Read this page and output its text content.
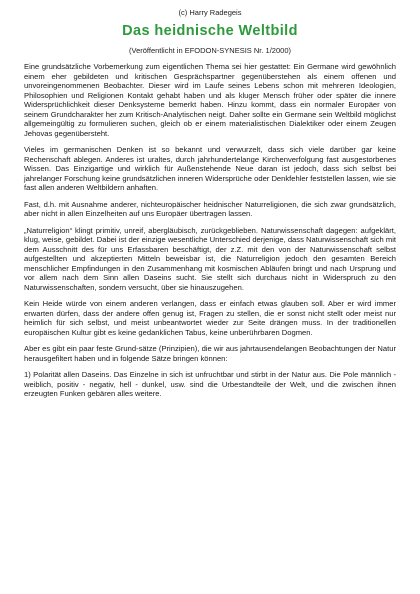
(c) Harry Radegeis
Das heidnische Weltbild
(Veröffentlicht in EFODON-SYNESIS Nr. 1/2000)

Eine grundsätzliche Vorbemerkung zum eigentlichen Thema sei hier gestattet: Ein Germane wird gewöhnlich einem eher gebildeten und kritischen Gesprächspartner gegenüberstehen als einem offenen und unvoreingenommenen Beobachter. Dieser wird im Laufe seines Lebens schon mit mehreren Ideologien, Philosophien und Religionen Kontakt gehabt haben und als kluger Mensch früher oder später die innere Widersprüchlichkeit dieser Denksysteme bemerkt haben. Hinzu kommt, dass ein normaler Europäer von seinem Grundcharakter her zum Kritisch-Analytischen neigt. Daher sollte ein Germane sein Weltbild möglichst allgemeingültig zu formulieren suchen, gleich ob er einem materialistischen Dialektiker oder einem Zeugen Jehovas gegenübersteht.

Vieles im germanischen Denken ist so bekannt und verwurzelt, dass sich viele darüber gar keine Rechenschaft ablegen. Anderes ist uraltes, durch jahrhundertelange Kirchenverfolgung fast ausgestorbenes Wissen. Das Einzigartige und wirklich für Außenstehende Neue daran ist jedoch, dass sich selbst bei jahrelanger Forschung keine grundsätzlichen inneren Widersprüche oder Denkfehler feststellen lassen, wie sie fast allen anderen Weltbildern anhaften.

Fast, d.h. mit Ausnahme anderer, nichteuropäischer heidnischer Naturreligionen, die sich zwar grundsätzlich, aber nicht in allen Einzelheiten auf uns Europäer übertragen lassen.

„Naturreligion“ klingt primitiv, unreif, abergläubisch, zurückgeblieben. Naturwissenschaft dagegen: aufgeklärt, klug, weise, gebildet. Dabei ist der einzige wesentliche Unterschied derjenige, dass Naturwissenschaft sich mit dem Ausschnitt des für uns Erfassbaren beschäftigt, der z.Z. mit den von der Naturwissenschaft selbst aufgestellten und akzeptierten Mitteln beweisbar ist, die Naturreligion jedoch den gesamten Bereich menschlicher Empfindungen in den Zusammenhang mit kosmischen Abläufen bringt und nach Ursprung und vor allem nach dem Sinn allen Daseins sucht. Sie stellt sich durchaus nicht in Widerspruch zu den Naturwissenschaften, sondern versucht, über sie hinauszugehen.

Kein Heide würde von einem anderen verlangen, dass er einfach etwas glauben soll. Aber er wird immer erwarten dürfen, dass der andere offen genug ist, Fragen zu stellen, die er sonst nicht stellt oder meist nur heimlich für sich selbst, und meist unbeantwortet wieder zur Seite drängen muss. In der traditionellen europäischen Kultur gibt es keine gedanklichen Tabus, keine unberührbaren Dogmen.

Aber es gibt ein paar feste Grund-sätze (Prinzipien), die wir aus jahrtausendelangen Beobachtungen der Natur herausgefiltert haben und in folgende Sätze bringen können:

1) Polarität allen Daseins. Das Einzelne in sich ist unfruchtbar und stirbt in der Natur aus. Die Pole männlich - weiblich, positiv - negativ, hell - dunkel, usw. sind die Urbestandteile der Welt, und die zwischen ihnen erzeugten Funken gebären alles weitere.
